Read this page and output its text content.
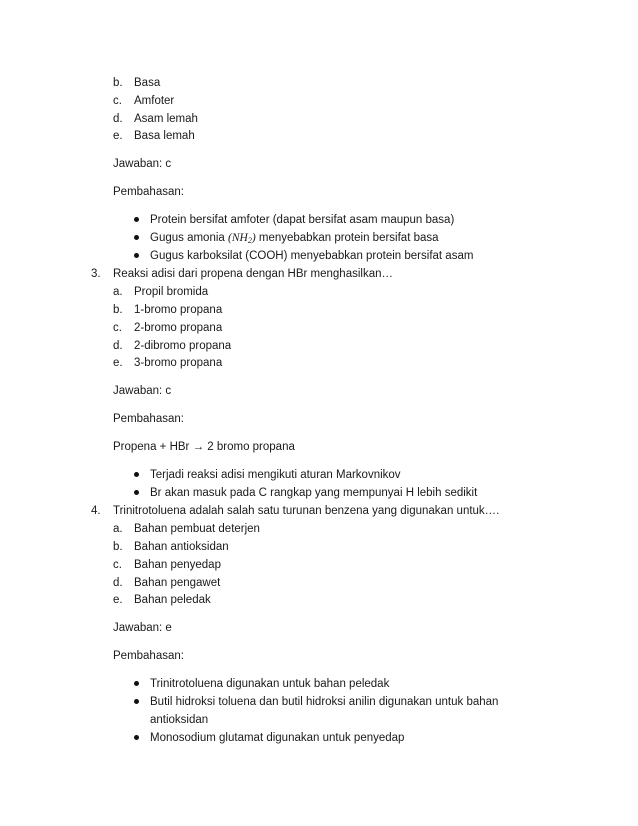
b. Basa
c. Amfoter
d. Asam lemah
e. Basa lemah
Jawaban: c
Pembahasan:
Protein bersifat amfoter (dapat bersifat asam maupun basa)
Gugus amonia $(NH_2)$ menyebabkan protein bersifat basa
Gugus karboksilat (COOH) menyebabkan protein bersifat asam
3. Reaksi adisi dari propena dengan HBr menghasilkan…
a. Propil bromida
b. 1-bromo propana
c. 2-bromo propana
d. 2-dibromo propana
e. 3-bromo propana
Jawaban: c
Pembahasan:
Propena + HBr → 2 bromo propana
Terjadi reaksi adisi mengikuti aturan Markovnikov
Br akan masuk pada C rangkap yang mempunyai H lebih sedikit
4. Trinitrotoluena adalah salah satu turunan benzena yang digunakan untuk….
a. Bahan pembuat deterjen
b. Bahan antioksidan
c. Bahan penyedap
d. Bahan pengawet
e. Bahan peledak
Jawaban: e
Pembahasan:
Trinitrotoluena digunakan untuk bahan peledak
Butil hidroksi toluena dan butil hidroksi anilin digunakan untuk bahan
antioksidan
Monosodium glutamat digunakan untuk penyedap
